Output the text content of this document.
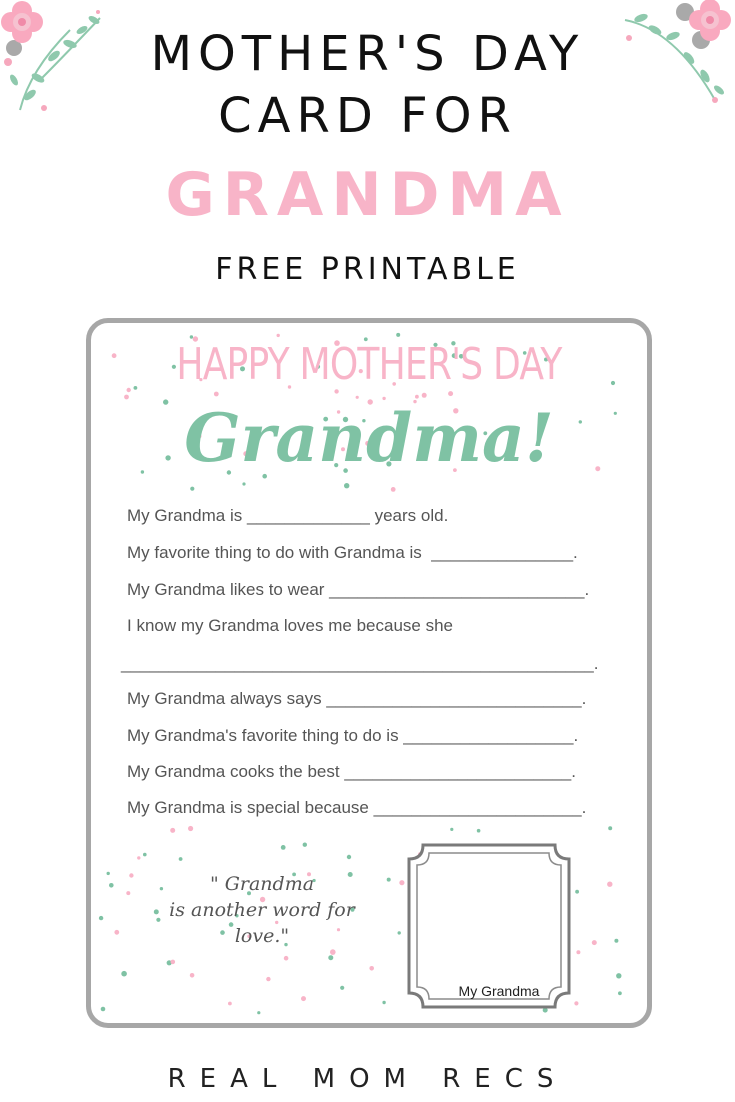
MOTHER'S DAY
CARD FOR
GRANDMA
FREE PRINTABLE
HAPPY MOTHER'S DAY
Grandma!
My Grandma is _____________ years old.
My favorite thing to do with Grandma is  _______________.
My Grandma likes to wear ___________________________.
I know my Grandma loves me because she
__________________________________________________.
My Grandma always says ___________________________.
My Grandma's favorite thing to do is __________________.
My Grandma cooks the best ________________________.
My Grandma is special because ______________________.
" Grandma
is another word for
love."
My Grandma
REAL MOM RECS
